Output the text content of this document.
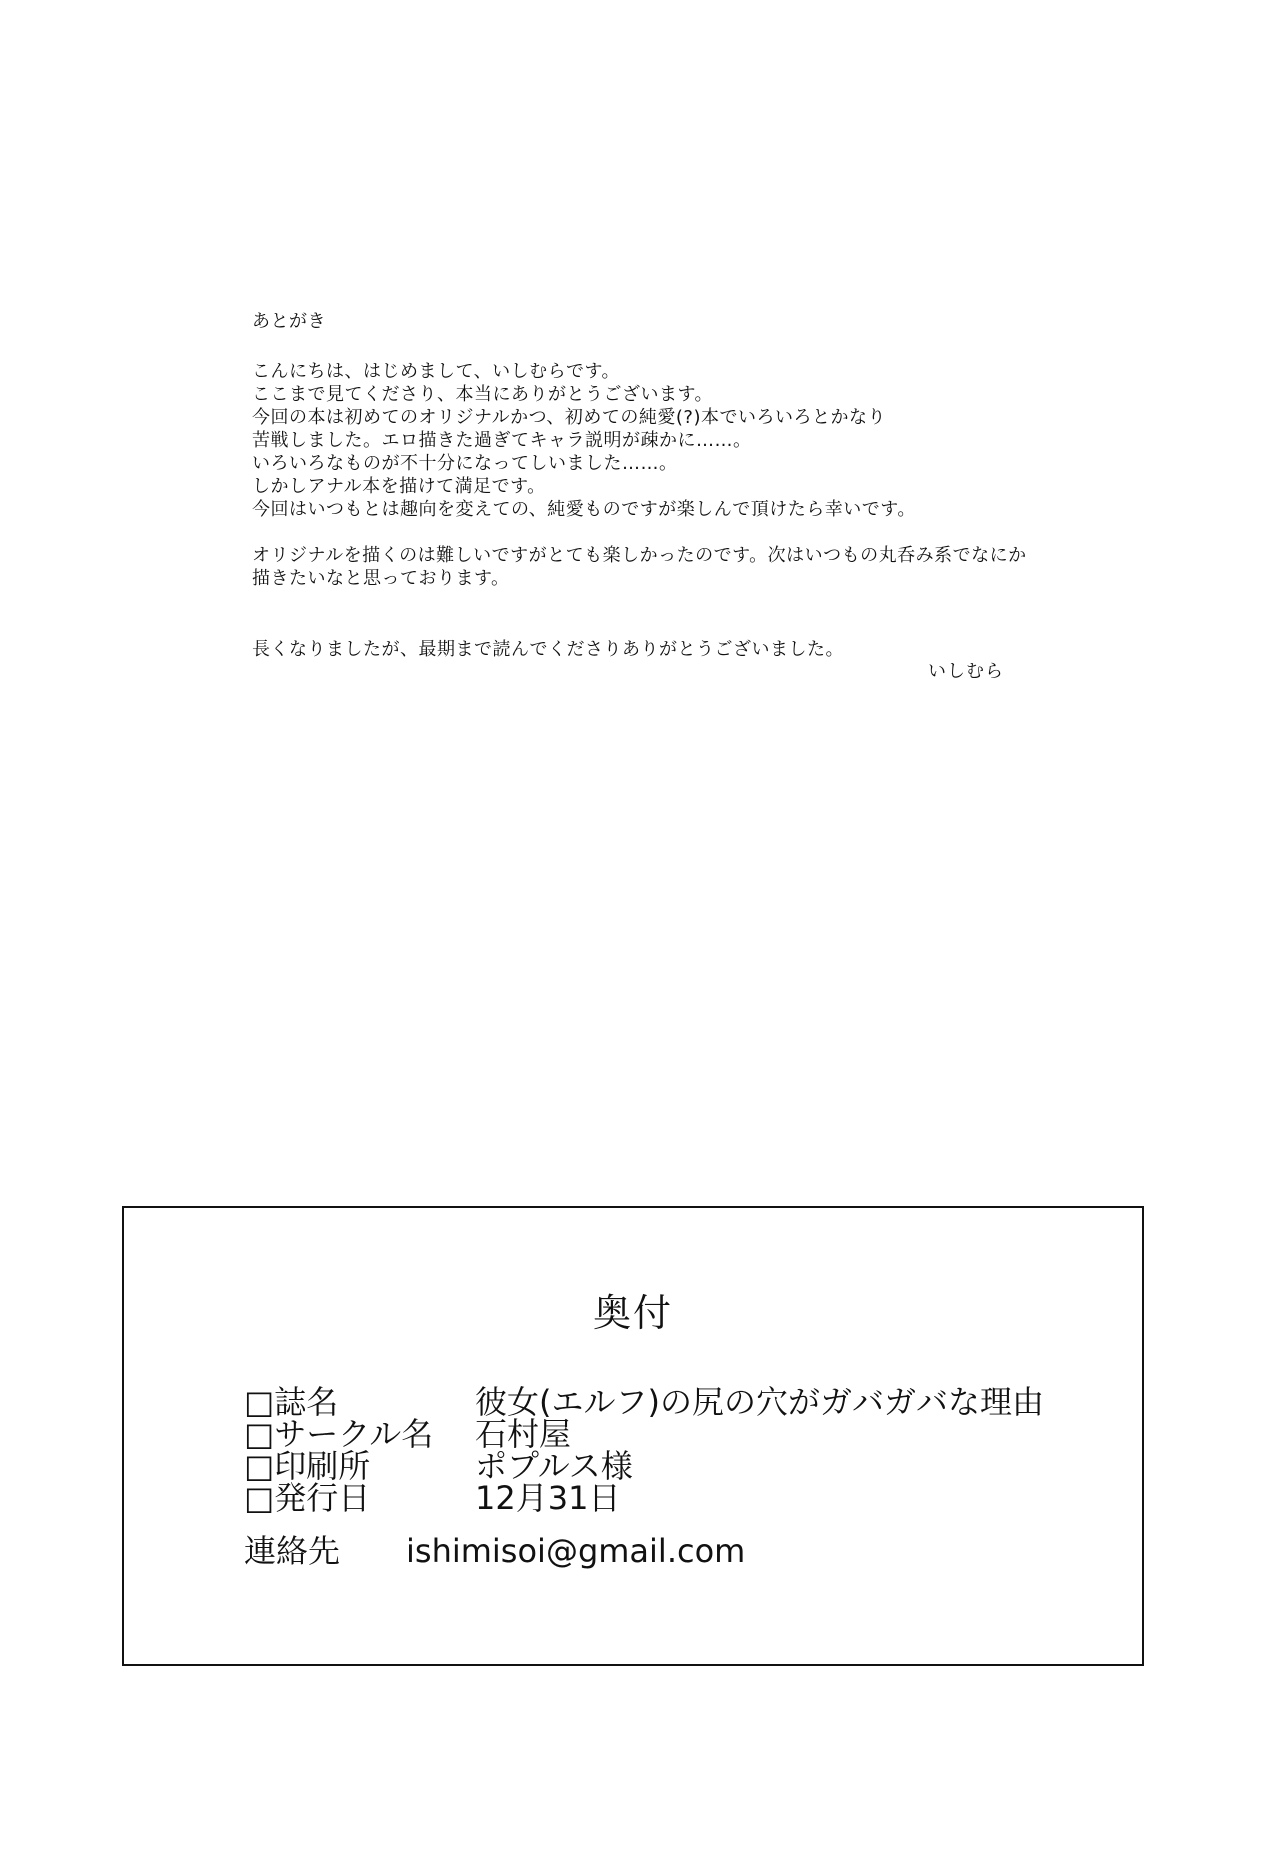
あとがき
こんにちは、はじめまして、いしむらです。
ここまで見てくださり、本当にありがとうございます。
今回の本は初めてのオリジナルかつ、初めての純愛(?)本でいろいろとかなり
苦戦しました。エロ描きた過ぎてキャラ説明が疎かに……。
いろいろなものが不十分になってしいました……。
しかしアナル本を描けて満足です。
今回はいつもとは趣向を変えての、純愛ものですが楽しんで頂けたら幸いです。
オリジナルを描くのは難しいですがとても楽しかったのです。次はいつもの丸呑み系でなにか
描きたいなと思っております。
長くなりましたが、最期まで読んでくださりありがとうございました。
いしむら
奥付
□誌名	彼女(エルフ)の尻の穴がガバガバな理由
□サークル名 石村屋
□印刷所	ポプルス様
□発行日	12月31日
連絡先 ishimisoi@gmail.com
